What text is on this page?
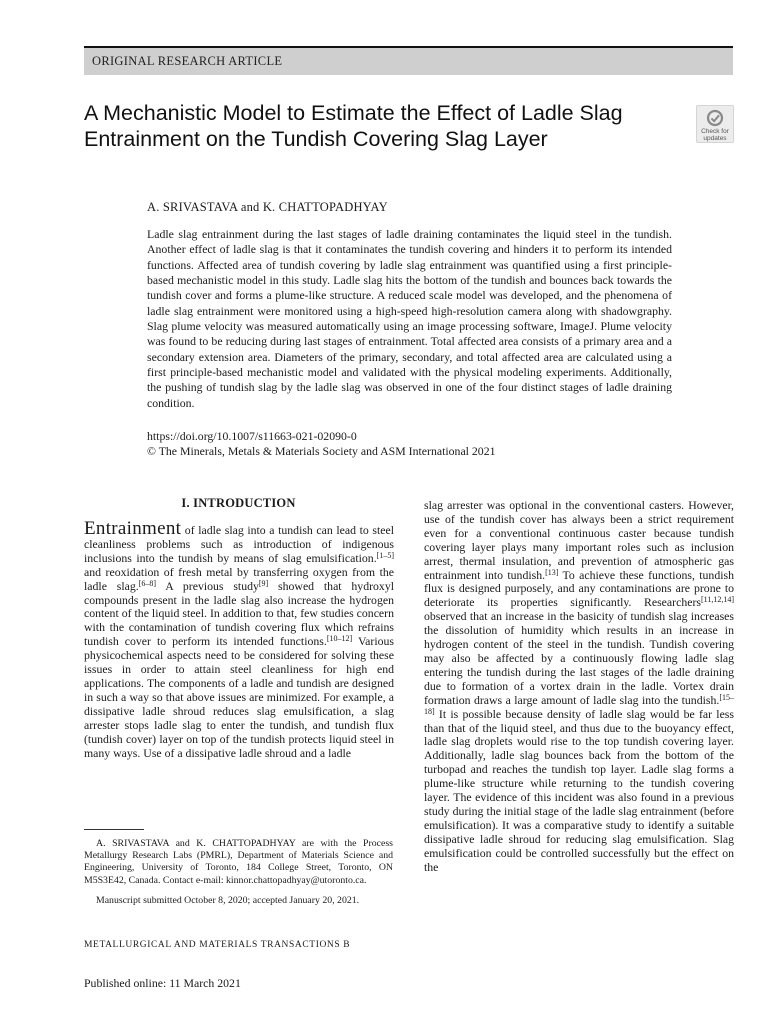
ORIGINAL RESEARCH ARTICLE
A Mechanistic Model to Estimate the Effect of Ladle Slag Entrainment on the Tundish Covering Slag Layer	Check for
updates
A. SRIVASTAVA and K. CHATTOPADHYAY

Ladle slag entrainment during the last stages of ladle draining contaminates the liquid steel in the tundish. Another effect of ladle slag is that it contaminates the tundish covering and hinders it to perform its intended functions. Affected area of tundish covering by ladle slag entrainment was quantified using a first principle-based mechanistic model in this study. Ladle slag hits the bottom of the tundish and bounces back towards the tundish cover and forms a plume-like structure. A reduced scale model was developed, and the phenomena of ladle slag entrainment were monitored using a high-speed high-resolution camera along with shadowgraphy. Slag plume velocity was measured automatically using an image processing software, ImageJ. Plume velocity was found to be reducing during last stages of entrainment. Total affected area consists of a primary area and a secondary extension area. Diameters of the primary, secondary, and total affected area are calculated using a first principle-based mechanistic model and validated with the physical modeling experiments. Additionally, the pushing of tundish slag by the ladle slag was observed in one of the four distinct stages of ladle draining condition.

https://doi.org/10.1007/s11663-021-02090-0
© The Minerals, Metals & Materials Society and ASM International 2021
I. INTRODUCTION

Entrainment of ladle slag into a tundish can lead to steel cleanliness problems such as introduction of indigenous inclusions into the tundish by means of slag emulsification.[1–5] and reoxidation of fresh metal by transferring oxygen from the ladle slag.[6–8] A previous study[9] showed that hydroxyl compounds present in the ladle slag also increase the hydrogen content of the liquid steel. In addition to that, few studies concern with the contamination of tundish covering flux which refrains tundish cover to perform its intended functions.[10–12] Various physicochemical aspects need to be considered for solving these issues in order to attain steel cleanliness for high end applications. The components of a ladle and tundish are designed in such a way so that above issues are minimized. For example, a dissipative ladle shroud reduces slag emulsification, a slag arrester stops ladle slag to enter the tundish, and tundish flux (tundish cover) layer on top of the tundish protects liquid steel in many ways. Use of a dissipative ladle shroud and a ladle

slag arrester was optional in the conventional casters. However, use of the tundish cover has always been a strict requirement even for a conventional continuous caster because tundish covering layer plays many important roles such as inclusion arrest, thermal insulation, and prevention of atmospheric gas entrainment into tundish.[13] To achieve these functions, tundish flux is designed purposely, and any contaminations are prone to deteriorate its properties significantly. Researchers[11,12,14] observed that an increase in the basicity of tundish slag increases the dissolution of humidity which results in an increase in hydrogen content of the steel in the tundish. Tundish covering may also be affected by a continuously flowing ladle slag entering the tundish during the last stages of the ladle draining due to formation of a vortex drain in the ladle. Vortex drain formation draws a large amount of ladle slag into the tundish.[15–18] It is possible because density of ladle slag would be far less than that of the liquid steel, and thus due to the buoyancy effect, ladle slag droplets would rise to the top tundish covering layer. Additionally, ladle slag bounces back from the bottom of the turbopad and reaches the tundish top layer. Ladle slag forms a plume-like structure while returning to the tundish covering layer. The evidence of this incident was also found in a previous study during the initial stage of the ladle slag entrainment (before emulsification). It was a comparative study to identify a suitable dissipative ladle shroud for reducing slag emulsification. Slag emulsification could be controlled successfully but the effect on the

A. SRIVASTAVA and K. CHATTOPADHYAY are with the Process Metallurgy Research Labs (PMRL), Department of Materials Science and Engineering, University of Toronto, 184 College Street, Toronto, ON M5S3E42, Canada. Contact e-mail: kinnor.chattopadhyay@utoronto.ca.

Manuscript submitted October 8, 2020; accepted January 20, 2021.

METALLURGICAL AND MATERIALS TRANSACTIONS B
Published online: 11 March 2021
